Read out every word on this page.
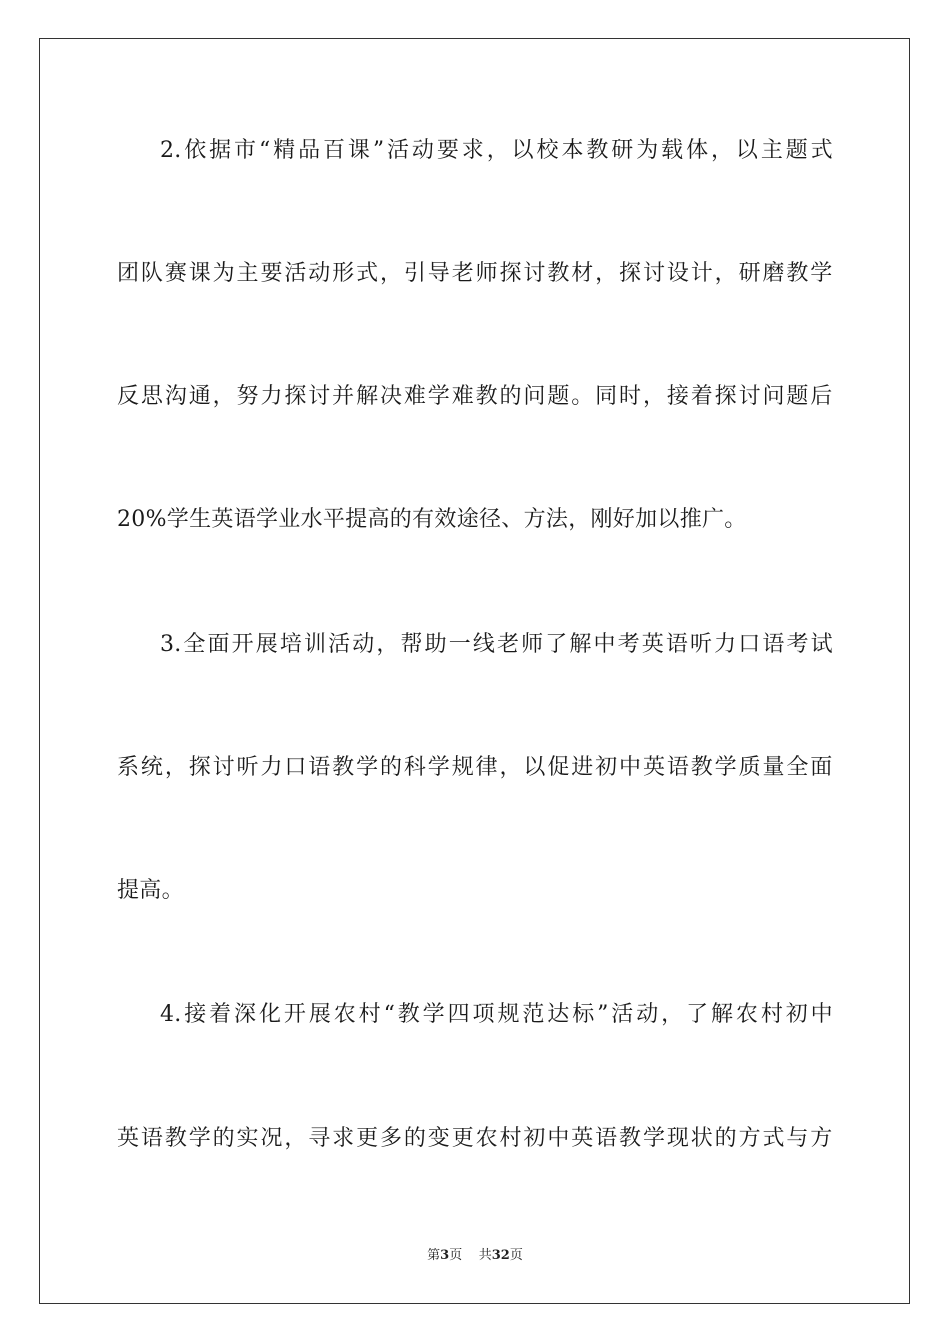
2. 依 据 市 “ 精 品 百 课 ” 活 动 要 求 ， 以 校 本 教 研 为 载 体 ， 以 主 题 式
团 队 赛 课 为 主 要 活 动 形 式 ， 引 导 老 师 探 讨 教 材 ， 探 讨 设 计 ， 研 磨 教 学
反 思 沟 通 ， 努 力 探 讨 并 解 决 难 学 难 教 的 问 题 。 同 时 ， 接 着 探 讨 问 题 后
20%学生英语学业水平提高的有效途径、方法，刚好加以推广。
3. 全 面 开 展 培 训 活 动 ， 帮 助 一 线 老 师 了 解 中 考 英 语 听 力 口 语 考 试
系 统 ， 探 讨 听 力 口 语 教 学 的 科 学 规 律 ， 以 促 进 初 中 英 语 教 学 质 量 全 面
提高。
4. 接 着 深 化 开 展 农 村 “ 教 学 四 项 规 范 达 标 ” 活 动 ， 了 解 农 村 初 中
英 语 教 学 的 实 况 ， 寻 求 更 多 的 变 更 农 村 初 中 英 语 教 学 现 状 的 方 式 与 方
第3页 共32页
